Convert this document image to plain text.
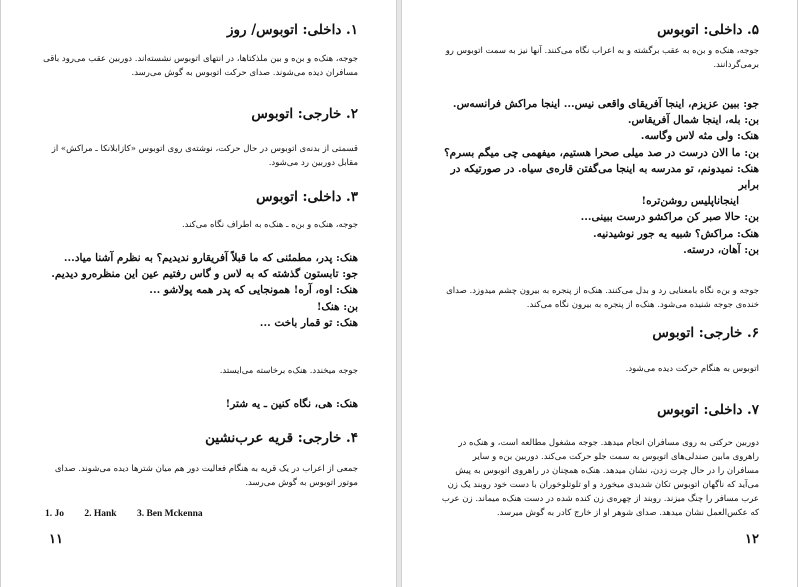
۱. داخلی: اتوبوس/ روز

جوجه، هنک‌ه و بن‌ه و بین ملذکتاها، در انتهای اتوبوس نشسته‌اند. دوربین عقب می‌رود باقی مسافران دیده می‌شوند. صدای حرکت اتوبوس به گوش می‌رسد.

۲. خارجی: اتوبوس

قسمتی از بدنه‌ی اتوبوس در حال حرکت، نوشته‌ی روی اتوبوس «کازابلانکا ـ مراکش» از مقابل دوربین رد می‌شود.

۳. داخلی: اتوبوس

جوجه، هنک‌ه و بن‌ه ـ هنک‌ه به اطراف نگاه می‌کند.

هنک: پدر، مطمئنی که ما قبلاً آفریقارو ندیدیم؟ به نظرم آشنا میاد...
جو: تابستون گذشته که به لاس و گاس رفتیم عین این منظره‌رو دیدیم.
هنک: اوه، آره! همونجایی که پدر همه پولاشو ...
بن: هنک!
هنک: تو قمار باخت ...

جوجه میخندد. هنک‌ه برخاسته می‌ایستد.

هنک: هی، نگاه کنین ـ یه شتر!
۴. خارجی: قریه عرب‌نشین

جمعی از اعراب در یک قریه به هنگام فعالیت دور هم میان شترها دیده می‌شوند. صدای موتور اتوبوس به گوش می‌رسد.

1. Jo 2. Hank 3. Ben Mckenna
۱۱
۵. داخلی: اتوبوس

جوجه، هنک‌ه و بن‌ه به عقب برگشته و به اعراب نگاه می‌کنند. آنها نیز به سمت اتوبوس رو برمی‌گردانند.

جو: ببین عزیزم، اینجا آفریقای واقعی نیس... اینجا مراکش فرانسه‌س.
بن: بله، اینجا شمال آفریقاس.
هنک: ولی مثه لاس وگاسه.
بن: ما الان درست در صد میلی صحرا هستیم، میفهمی چی میگم بسرم؟
هنک: نمیدونم، تو مدرسه به اینجا می‌گفتن قاره‌ی سیاه. در صورتیکه در برابر
اینجاناپلیس روشن‌تره!
بن: حالا صبر کن مراکشو درست ببینی...
هنک: مراکش؟ شبیه یه جور نوشیدنیه.
بن: آهان، درسته.

جوجه و بن‌ه نگاه بامعنایی رد و بدل می‌کنند. هنک‌ه از پنجره به بیرون چشم میدوزد. صدای خنده‌ی جوجه شنیده می‌شود. هنک‌ه از پنجره به بیرون نگاه می‌کند.

۶. خارجی: اتوبوس

اتوبوس به هنگام حرکت دیده می‌شود.

۷. داخلی: اتوبوس

دوربین حرکتی به روی مسافران انجام میدهد. جوجه مشغول مطالعه است، و هنک‌ه در راهروی مابین صندلی‌های اتوبوس به سمت جلو حرکت می‌کند. دوربین بن‌ه و سایر مسافران را در حال چرت زدن، نشان میدهد. هنک‌ه همچنان در راهروی اتوبوس به پیش می‌آید که ناگهان اتوبوس تکان شدیدی میخورد و او تلوتلوخوران با دست خود روبند یک زن عرب مسافر را چنگ میزند. روبند از چهره‌ی زن کنده شده در دست هنک‌ه میماند. زن عرب که عکس‌العمل نشان میدهد. صدای شوهر او از خارج کادر به گوش میرسد.

۱۲
